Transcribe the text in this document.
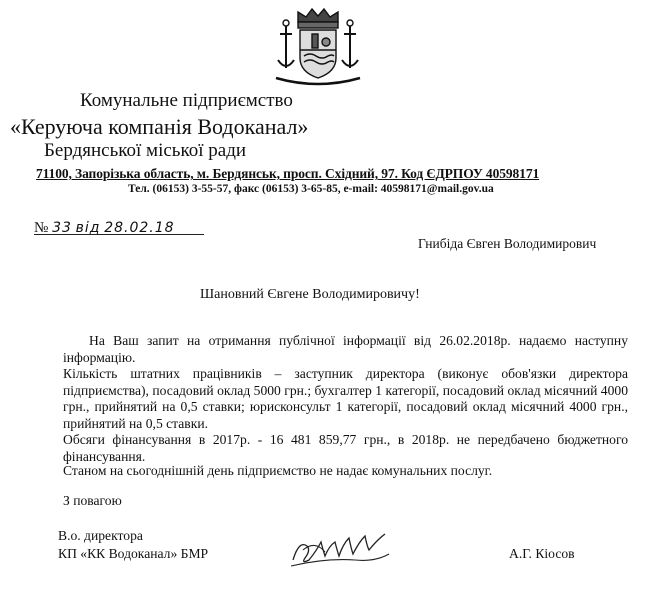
Комунальне підприємство
«Керуюча компанія Водоканал»
Бердянської міської ради
71100, Запорізька область, м. Бердянськ, просп. Східний, 97. Код ЄДРПОУ 40598171
Тел. (06153) 3-55-57, факс (06153) 3-65-85, e-mail: 40598171@mail.gov.ua
№ 33 від 28.02.18
Гнибіда Євген Володимирович
Шановний Євгене Володимировичу!
На Ваш запит на отримання публічної інформації від 26.02.2018р. надаємо наступну інформацію.
Кількість штатних працівників – заступник директора (виконує обов'язки директора підприємства), посадовий оклад 5000 грн.; бухгалтер 1 категорії, посадовий оклад місячний 4000 грн., прийнятий на 0,5 ставки; юрисконсульт 1 категорії, посадовий оклад місячний 4000 грн., прийнятий на 0,5 ставки.
Обсяги фінансування в 2017р. - 16 481 859,77 грн., в 2018р. не передбачено бюджетного фінансування.
Станом на сьогоднішній день підприємство не надає комунальних послуг.
З повагою
В.о. директора
КП «КК Водоканал» БМР	А.Г. Кіосов
